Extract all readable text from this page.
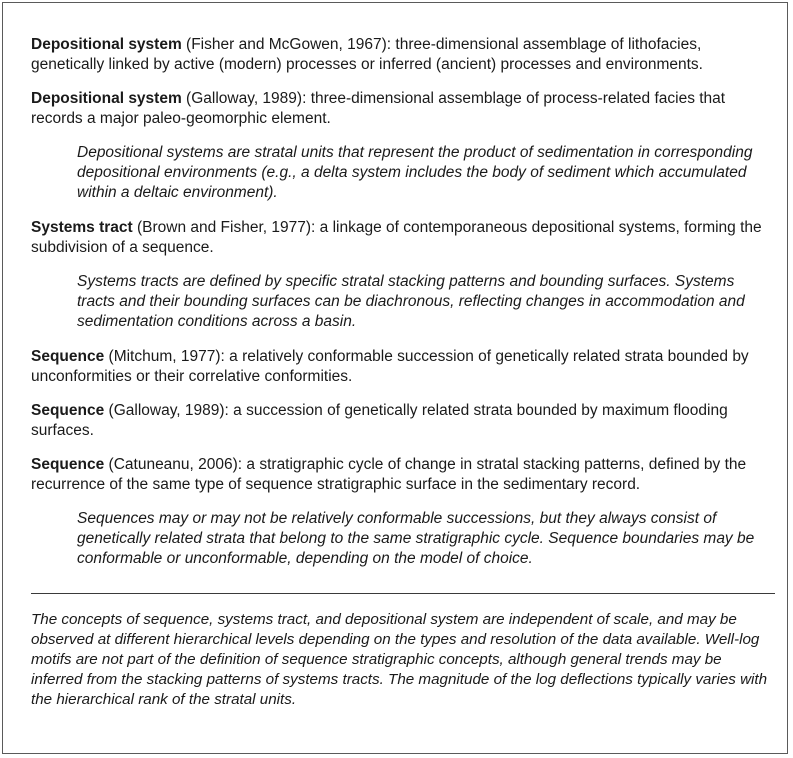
Depositional system (Fisher and McGowen, 1967): three-dimensional assemblage of lithofacies, genetically linked by active (modern) processes or inferred (ancient) processes and environments.

Depositional system (Galloway, 1989): three-dimensional assemblage of process-related facies that records a major paleo-geomorphic element.

Depositional systems are stratal units that represent the product of sedimentation in corresponding depositional environments (e.g., a delta system includes the body of sediment which accumulated within a deltaic environment).

Systems tract (Brown and Fisher, 1977): a linkage of contemporaneous depositional systems, forming the subdivision of a sequence.

Systems tracts are defined by specific stratal stacking patterns and bounding surfaces. Systems tracts and their bounding surfaces can be diachronous, reflecting changes in accommodation and sedimentation conditions across a basin.

Sequence (Mitchum, 1977): a relatively conformable succession of genetically related strata bounded by unconformities or their correlative conformities.

Sequence (Galloway, 1989): a succession of genetically related strata bounded by maximum flooding surfaces.

Sequence (Catuneanu, 2006): a stratigraphic cycle of change in stratal stacking patterns, defined by the recurrence of the same type of sequence stratigraphic surface in the sedimentary record.

Sequences may or may not be relatively conformable successions, but they always consist of genetically related strata that belong to the same stratigraphic cycle. Sequence boundaries may be conformable or unconformable, depending on the model of choice.

The concepts of sequence, systems tract, and depositional system are independent of scale, and may be observed at different hierarchical levels depending on the types and resolution of the data available. Well-log motifs are not part of the definition of sequence stratigraphic concepts, although general trends may be inferred from the stacking patterns of systems tracts. The magnitude of the log deflections typically varies with the hierarchical rank of the stratal units.
